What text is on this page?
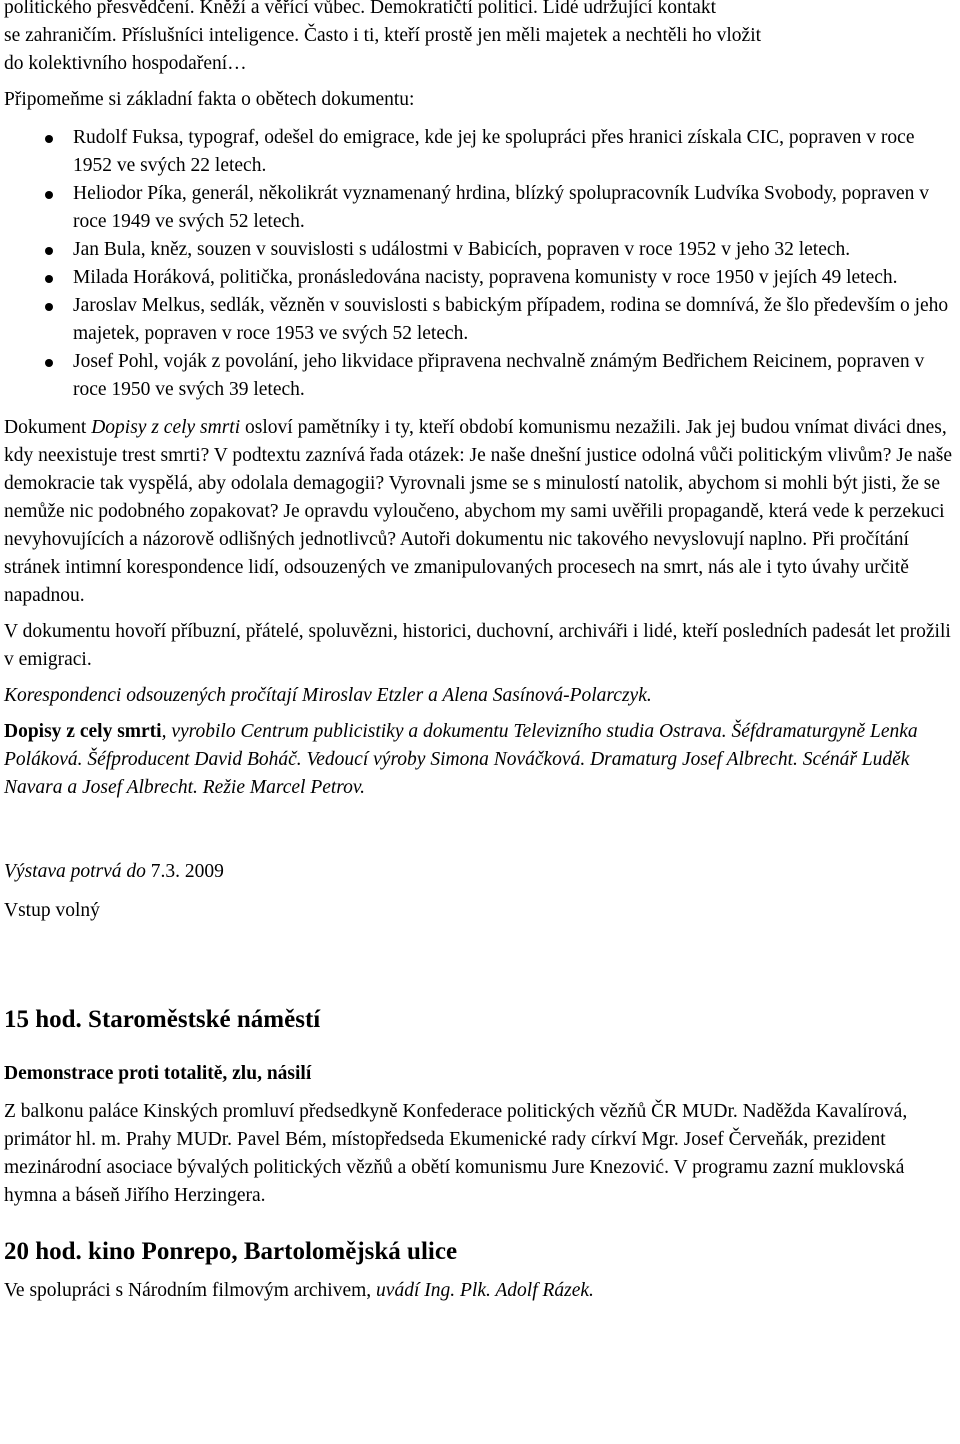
politického přesvědčení. Kněží a věřící vůbec. Demokratičtí politici. Lidé udržující kontakt

se zahraničím. Příslušníci inteligence. Často i ti, kteří prostě jen měli majetek a nechtěli ho vložit

do kolektivního hospodaření…

Připomeňme si základní fakta o obětech dokumentu:

Rudolf Fuksa, typograf, odešel do emigrace, kde jej ke spolupráci přes hranici získala CIC, popraven v roce 1952 ve svých 22 letech.
Heliodor Píka, generál, několikrát vyznamenaný hrdina, blízký spolupracovník Ludvíka Svobody, popraven v roce 1949 ve svých 52 letech.
Jan Bula, kněz, souzen v souvislosti s událostmi v Babicích, popraven v roce 1952 v jeho 32 letech.
Milada Horáková, politička, pronásledována nacisty, popravena komunisty v roce 1950 v jejích 49 letech.
Jaroslav Melkus, sedlák, vězněn v souvislosti s babickým případem, rodina se domnívá, že šlo především o jeho majetek, popraven v roce 1953 ve svých 52 letech.
Josef Pohl, voják z povolání, jeho likvidace připravena nechvalně známým Bedřichem Reicinem, popraven v roce 1950 ve svých 39 letech.

Dokument Dopisy z cely smrti osloví pamětníky i ty, kteří období komunismu nezažili. Jak jej budou vnímat diváci dnes, kdy neexistuje trest smrti? V podtextu zaznívá řada otázek: Je naše dnešní justice odolná vůči politickým vlivům? Je naše demokracie tak vyspělá, aby odolala demagogii? Vyrovnali jsme se s minulostí natolik, abychom si mohli být jisti, že se nemůže nic podobného zopakovat? Je opravdu vyloučeno, abychom my sami uvěřili propagandě, která vede k perzekuci nevyhovujících a názorově odlišných jednotlivců? Autoři dokumentu nic takového nevyslovují naplno. Při pročítání stránek intimní korespondence lidí, odsouzených ve zmanipulovaných procesech na smrt, nás ale i tyto úvahy určitě napadnou.

V dokumentu hovoří příbuzní, přátelé, spoluvězni, historici, duchovní, archiváři i lidé, kteří posledních padesát let prožili v emigraci.

Korespondenci odsouzených pročítají Miroslav Etzler a Alena Sasínová-Polarczyk.

Dopisy z cely smrti, vyrobilo Centrum publicistiky a dokumentu Televizního studia Ostrava. Šéfdramaturgyně Lenka Poláková. Šéfproducent David Boháč. Vedoucí výroby Simona Nováčková. Dramaturg Josef Albrecht. Scénář Luděk Navara a Josef Albrecht. Režie Marcel Petrov.

Výstava potrvá do 7.3. 2009

Vstup volný

15 hod. Staroměstské náměstí
Demonstrace proti totalitě, zlu, násilí

Z balkonu paláce Kinských promluví předsedkyně Konfederace politických vězňů ČR MUDr. Naděžda Kavalírová, primátor hl. m. Prahy MUDr. Pavel Bém, místopředseda Ekumenické rady církví Mgr. Josef Červeňák, prezident mezinárodní asociace bývalých politických vězňů a obětí komunismu Jure Knezović. V programu zazní muklovská hymna a báseň Jiřího Herzingera.

20 hod. kino Ponrepo, Bartolomějská ulice

Ve spolupráci s Národním filmovým archivem, uvádí Ing. Plk. Adolf Rázek.
